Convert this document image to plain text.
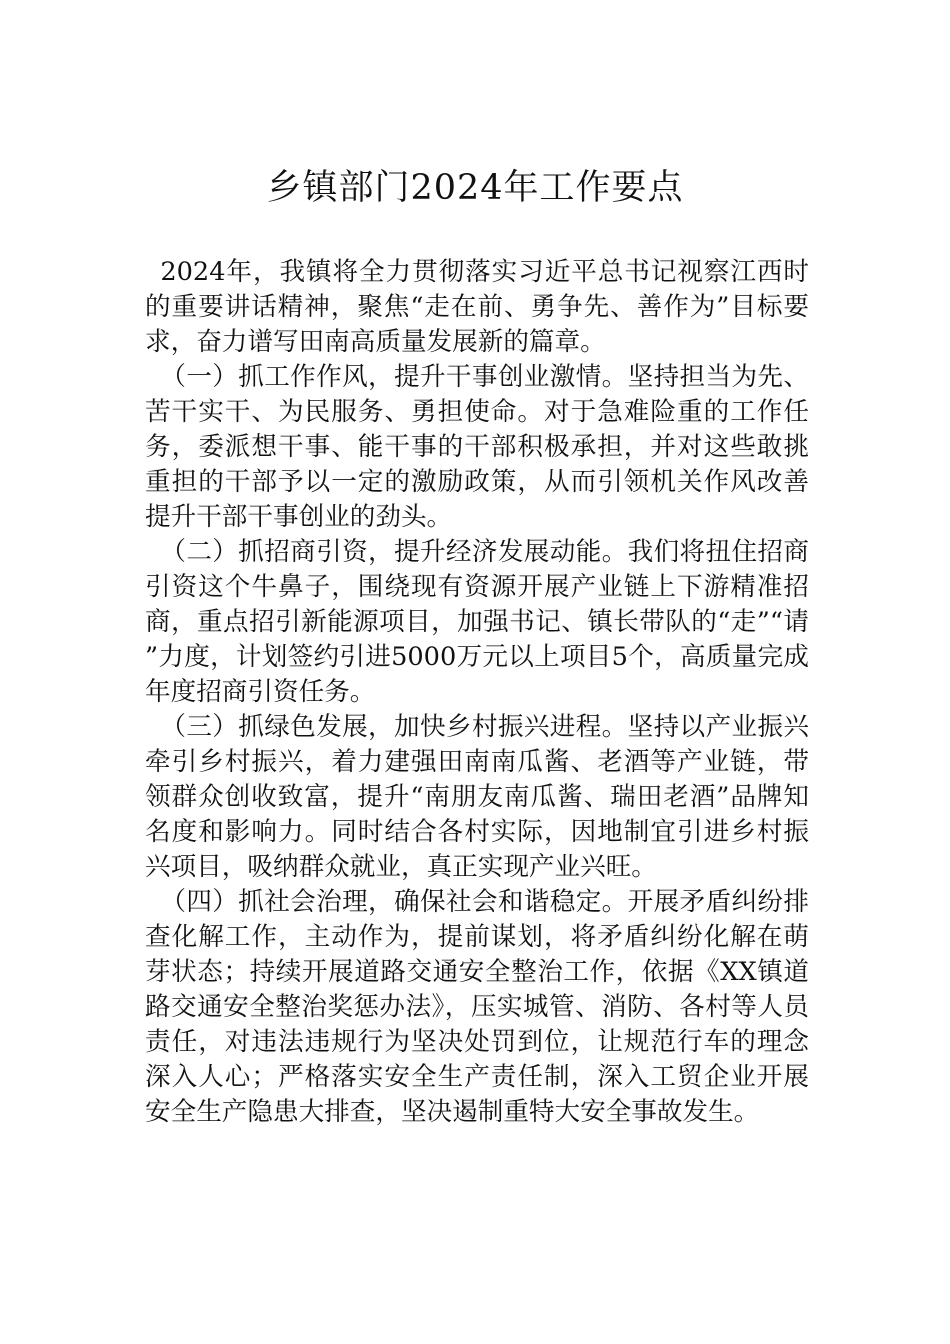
乡镇部门2024年工作要点

2024年，我镇将全力贯彻落实习近平总书记视察江西时的重要讲话精神，聚焦“走在前、勇争先、善作为”目标要求，奋力谱写田南高质量发展新的篇章。

（一）抓工作作风，提升干事创业激情。坚持担当为先、苦干实干、为民服务、勇担使命。对于急难险重的工作任务，委派想干事、能干事的干部积极承担，并对这些敢挑重担的干部予以一定的激励政策，从而引领机关作风改善提升干部干事创业的劲头。

（二）抓招商引资，提升经济发展动能。我们将扭住招商引资这个牛鼻子，围绕现有资源开展产业链上下游精准招商，重点招引新能源项目，加强书记、镇长带队的“走”“请”力度，计划签约引进5000万元以上项目5个，高质量完成年度招商引资任务。

（三）抓绿色发展，加快乡村振兴进程。坚持以产业振兴牵引乡村振兴，着力建强田南南瓜酱、老酒等产业链，带领群众创收致富，提升“南朋友南瓜酱、瑞田老酒”品牌知名度和影响力。同时结合各村实际，因地制宜引进乡村振兴项目，吸纳群众就业，真正实现产业兴旺。

（四）抓社会治理，确保社会和谐稳定。开展矛盾纠纷排查化解工作，主动作为，提前谋划，将矛盾纠纷化解在萌芽状态；持续开展道路交通安全整治工作，依据《XX镇道路交通安全整治奖惩办法》，压实城管、消防、各村等人员责任，对违法违规行为坚决处罚到位，让规范行车的理念深入人心；严格落实安全生产责任制，深入工贸企业开展安全生产隐患大排查，坚决遏制重特大安全事故发生。
